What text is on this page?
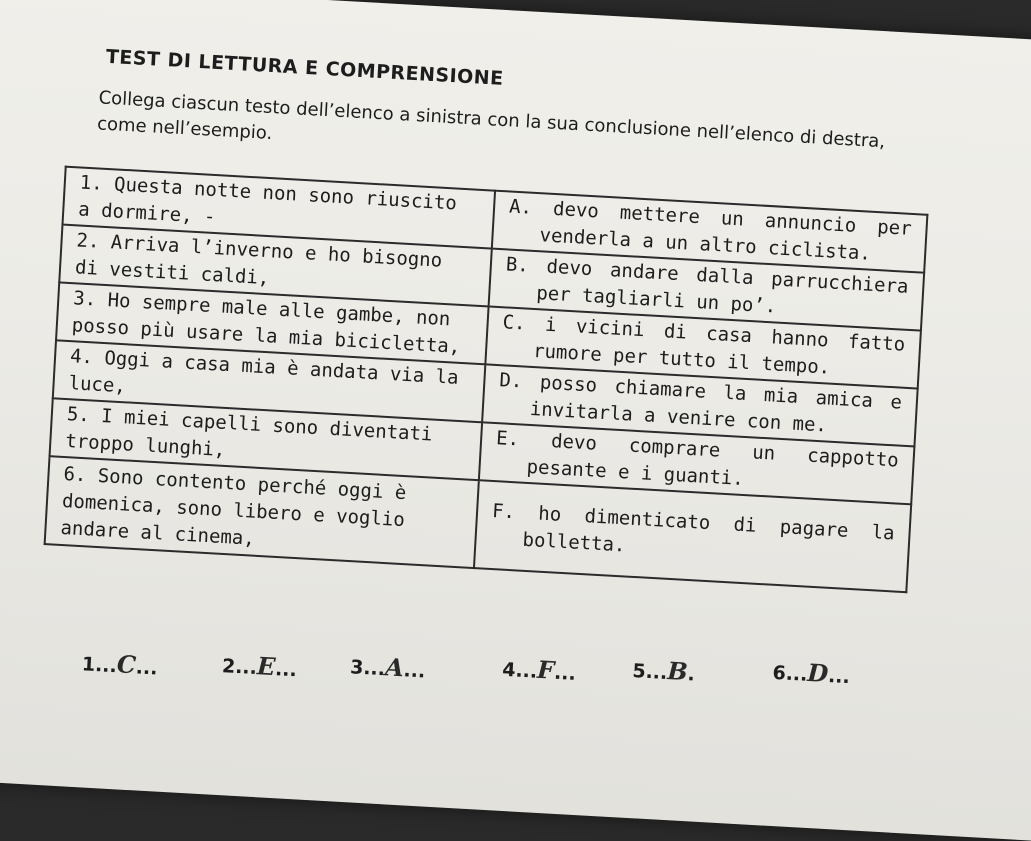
TEST DI LETTURA E COMPRENSIONE
Collega ciascun testo dell’elenco a sinistra con la sua conclusione nell’elenco di destra, come nell’esempio.
1. Questa notte non sono riuscito a dormire, -	A. devo mettere un annuncio per venderla a un altro ciclista.

2. Arriva l’inverno e ho bisogno di vestiti caldi,	B. devo andare dalla parrucchiera per tagliarli un po’.

3. Ho sempre male alle gambe, non posso più usare la mia bicicletta,	C. i vicini di casa hanno fatto rumore per tutto il tempo.

4. Oggi a casa mia è andata via la luce,	D. posso chiamare la mia amica e invitarla a venire con me.

5. I miei capelli sono diventati troppo lunghi,	E. devo comprare un cappotto pesante e i guanti.

6. Sono contento perché oggi è domenica, sono libero e voglio andare al cinema,	F. ho dimenticato di pagare la bolletta.
1...C...	2...E...	3...A...	4...F...	5...B.	6...D...
